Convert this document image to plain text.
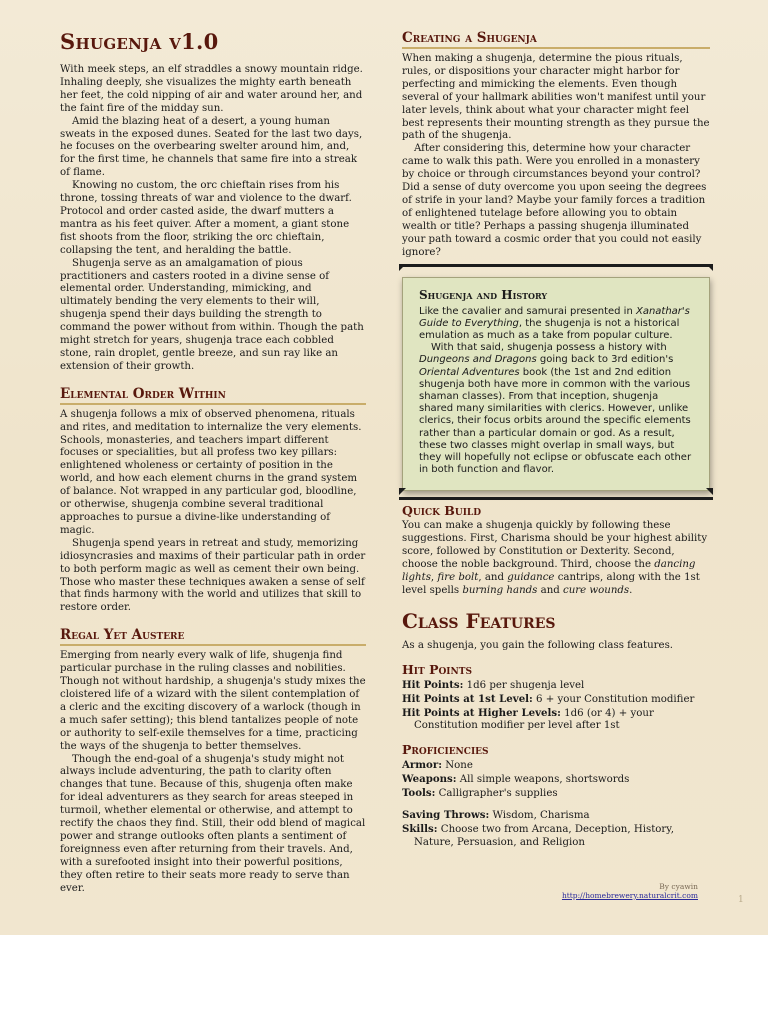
Shugenja v1.0

With meek steps, an elf straddles a snowy mountain ridge. Inhaling deeply, she visualizes the mighty earth beneath her feet, the cold nipping of air and water around her, and the faint fire of the midday sun.

Amid the blazing heat of a desert, a young human sweats in the exposed dunes. Seated for the last two days, he focuses on the overbearing swelter around him, and, for the first time, he channels that same fire into a streak of flame.

Knowing no custom, the orc chieftain rises from his throne, tossing threats of war and violence to the dwarf. Protocol and order casted aside, the dwarf mutters a mantra as his feet quiver. After a moment, a giant stone fist shoots from the floor, striking the orc chieftain, collapsing the tent, and heralding the battle.

Shugenja serve as an amalgamation of pious practitioners and casters rooted in a divine sense of elemental order. Understanding, mimicking, and ultimately bending the very elements to their will, shugenja spend their days building the strength to command the power without from within. Though the path might stretch for years, shugenja trace each cobbled stone, rain droplet, gentle breeze, and sun ray like an extension of their growth.

Elemental Order Within

A shugenja follows a mix of observed phenomena, rituals and rites, and meditation to internalize the very elements. Schools, monasteries, and teachers impart different focuses or specialities, but all profess two key pillars: enlightened wholeness or certainty of position in the world, and how each element churns in the grand system of balance. Not wrapped in any particular god, bloodline, or otherwise, shugenja combine several traditional approaches to pursue a divine-like understanding of magic.

Shugenja spend years in retreat and study, memorizing idiosyncrasies and maxims of their particular path in order to both perform magic as well as cement their own being. Those who master these techniques awaken a sense of self that finds harmony with the world and utilizes that skill to restore order.

Regal Yet Austere

Emerging from nearly every walk of life, shugenja find particular purchase in the ruling classes and nobilities. Though not without hardship, a shugenja's study mixes the cloistered life of a wizard with the silent contemplation of a cleric and the exciting discovery of a warlock (though in a much safer setting); this blend tantalizes people of note or authority to self-exile themselves for a time, practicing the ways of the shugenja to better themselves.

Though the end-goal of a shugenja's study might not always include adventuring, the path to clarity often changes that tune. Because of this, shugenja often make for ideal adventurers as they search for areas steeped in turmoil, whether elemental or otherwise, and attempt to rectify the chaos they find. Still, their odd blend of magical power and strange outlooks often plants a sentiment of foreignness even after returning from their travels. And, with a surefooted insight into their powerful positions, they often retire to their seats more ready to serve than ever.

Creating a Shugenja

When making a shugenja, determine the pious rituals, rules, or dispositions your character might harbor for perfecting and mimicking the elements. Even though several of your hallmark abilities won't manifest until your later levels, think about what your character might feel best represents their mounting strength as they pursue the path of the shugenja.

After considering this, determine how your character came to walk this path. Were you enrolled in a monastery by choice or through circumstances beyond your control? Did a sense of duty overcome you upon seeing the degrees of strife in your land? Maybe your family forces a tradition of enlightened tutelage before allowing you to obtain wealth or title? Perhaps a passing shugenja illuminated your path toward a cosmic order that you could not easily ignore?

Shugenja and History

Like the cavalier and samurai presented in Xanathar's Guide to Everything, the shugenja is not a historical emulation as much as a take from popular culture.

With that said, shugenja possess a history with Dungeons and Dragons going back to 3rd edition's Oriental Adventures book (the 1st and 2nd edition shugenja both have more in common with the various shaman classes). From that inception, shugenja shared many similarities with clerics. However, unlike clerics, their focus orbits around the specific elements rather than a particular domain or god. As a result, these two classes might overlap in small ways, but they will hopefully not eclipse or obfuscate each other in both function and flavor.

Quick Build

You can make a shugenja quickly by following these suggestions. First, Charisma should be your highest ability score, followed by Constitution or Dexterity. Second, choose the noble background. Third, choose the dancing lights, fire bolt, and guidance cantrips, along with the 1st level spells burning hands and cure wounds.

Class Features

As a shugenja, you gain the following class features.

Hit Points

Hit Points: 1d6 per shugenja level

Hit Points at 1st Level: 6 + your Constitution modifier

Hit Points at Higher Levels: 1d6 (or 4) + your Constitution modifier per level after 1st

Proficiencies

Armor: None

Weapons: All simple weapons, shortswords

Tools: Calligrapher's supplies

Saving Throws: Wisdom, Charisma

Skills: Choose two from Arcana, Deception, History, Nature, Persuasion, and Religion

By cyawin
http://homebrewery.naturalcrit.com	1
